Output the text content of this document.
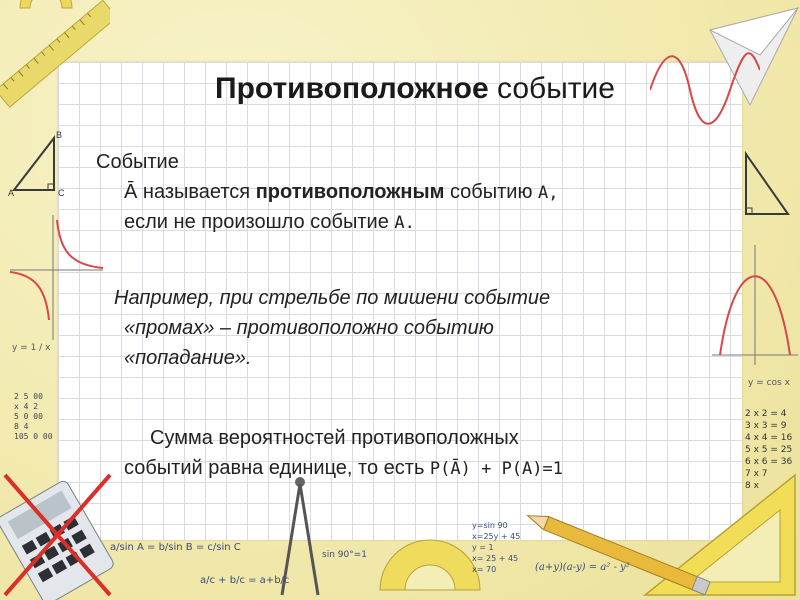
A
B
C
y = 1 / x
2 5 00
x 4 2
5 0 00
8 4
105 0 00
y = cos x
2 x 2 = 4
3 x 3 = 9
4 x 4 = 16
5 x 5 = 25
6 x 6 = 36
7 x 7
8 x
a/sin A = b/sin B = c/sin C
a/c + b/c = a+b/c
sin 90°=1
y=sin 90
x=25y + 45
y = 1
x= 25 + 45
x= 70	(a+y)(a-y) = a² - y²
Противоположное событие
Событие
Ā называется противоположным событию A,
если не произошло событие A.
Например, при стрельбе по мишени событие
«промах» – противоположно событию
«попадание».
Сумма вероятностей противоположных
событий равна единице, то есть P(Ā) + P(A)=1
